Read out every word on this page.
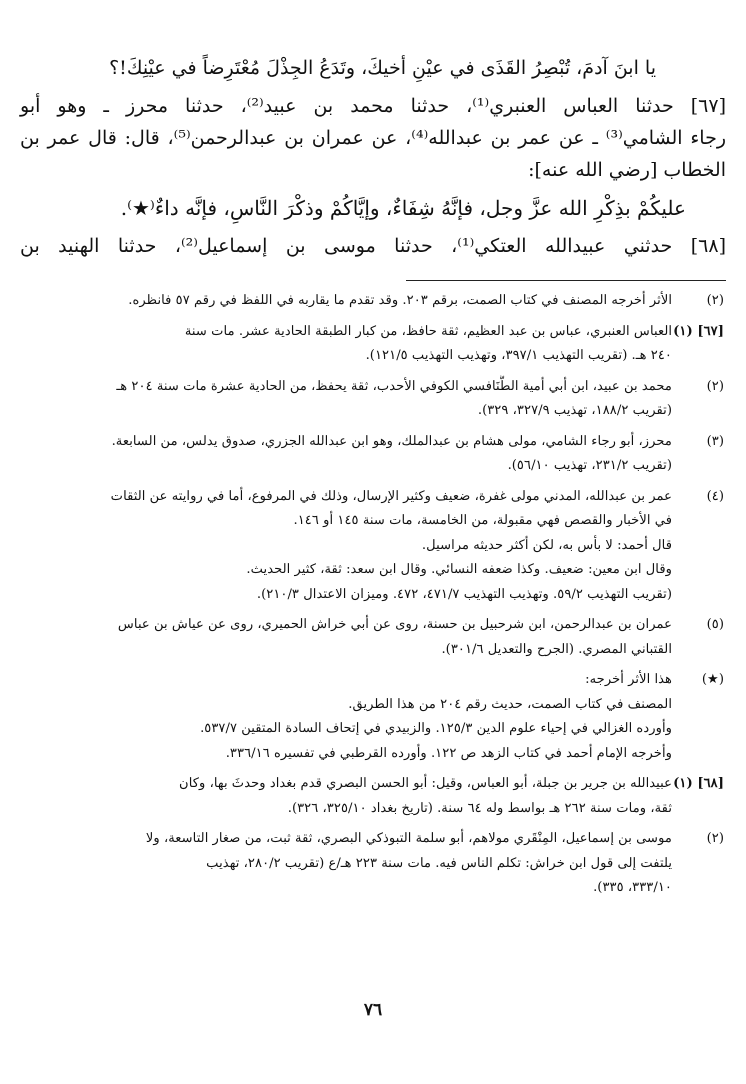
يا ابنَ آدمَ، تُبْصِرُ القَذَى في عيْنِ أخيكَ، وتَدَعُ الجِذْلَ مُعْتَرِضاً في عيْنِكَ!؟

[٦٧] حدثنا العباس العنبري⁽¹⁾، حدثنا محمد بن عبيد⁽²⁾، حدثنا محرز ـ وهو أبو

رجاء الشامي⁽³⁾ ـ عن عمر بن عبدالله⁽⁴⁾، عن عمران بن عبدالرحمن⁽⁵⁾، قال: قال عمر بن

الخطاب [رضي الله عنه]:

عليكُمْ بذِكْرِ الله عزَّ وجل، فإنَّهُ شِفَاءٌ، وإيَّاكُمْ وذكْرَ النَّاسِ، فإنَّه داءٌ⁽★⁾.

[٦٨] حدثني عبيدالله العتكي⁽¹⁾، حدثنا موسى بن إسماعيل⁽²⁾، حدثنا الهنيد بن

(٢)
الأثر أخرجه المصنف في كتاب الصمت، برقم ٢٠٣. وقد تقدم ما يقاربه في اللفظ في رقم ٥٧ فانظره.
[٦٧] (١)
العباس العنبري، عباس بن عبد العظيم، ثقة حافظ، من كبار الطبقة الحادية عشر. مات سنة
٢٤٠ هـ. (تقريب التهذيب ٣٩٧/١، وتهذيب التهذيب ١٢١/٥).
(٢)
محمد بن عبيد، ابن أبي أمية الطَّنَافسي الكوفي الأحدب، ثقة يحفظ، من الحادية عشرة مات سنة ٢٠٤ هـ
(تقريب ١٨٨/٢، تهذيب ٣٢٧/٩، ٣٢٩).
(٣)
محرز، أبو رجاء الشامي، مولى هشام بن عبدالملك، وهو ابن عبدالله الجزري، صدوق يدلس، من السابعة.
(تقريب ٢٣١/٢، تهذيب ٥٦/١٠).
(٤)
عمر بن عبدالله، المدني مولى غفرة، ضعيف وكثير الإرسال، وذلك في المرفوع، أما في روايته عن الثقات
في الأخبار والقصص فهي مقبولة، من الخامسة، مات سنة ١٤٥ أو ١٤٦.
قال أحمد: لا بأس به، لكن أكثر حديثه مراسيل.
وقال ابن معين: ضعيف. وكذا ضعفه النسائي. وقال ابن سعد: ثقة، كثير الحديث.
(تقريب التهذيب ٥٩/٢. وتهذيب التهذيب ٤٧١/٧، ٤٧٢. وميزان الاعتدال ٢١٠/٣).
(٥)
عمران بن عبدالرحمن، ابن شرحبيل بن حسنة، روى عن أبي خراش الحميري، روى عن عياش بن عباس
القتباني المصري. (الجرح والتعديل ٣٠١/٦).
(★)
هذا الأثر أخرجه:
المصنف في كتاب الصمت، حديث رقم ٢٠٤ من هذا الطريق.
وأورده الغزالي في إحياء علوم الدين ١٢٥/٣. والزبيدي في إتحاف السادة المتقين ٥٣٧/٧.
وأخرجه الإمام أحمد في كتاب الزهد ص ١٢٢. وأورده القرطبي في تفسيره ٣٣٦/١٦.
[٦٨] (١)
عبيدالله بن جرير بن جبلة، أبو العباس، وقيل: أبو الحسن البصري قدم بغداد وحدثَ بها، وكان
ثقة، ومات سنة ٢٦٢ هـ بواسط وله ٦٤ سنة. (تاريخ بغداد ٣٢٥/١٠، ٣٢٦).
(٢)
موسى بن إسماعيل، المِنْقَري مولاهم، أبو سلمة التبوذكي البصري، ثقة ثبت، من صغار التاسعة، ولا
يلتفت إلى قول ابن خراش: تكلم الناس فيه. مات سنة ٢٢٣ هـ/ع (تقريب ٢٨٠/٢، تهذيب
٣٣٣/١٠، ٣٣٥).
٧٦
